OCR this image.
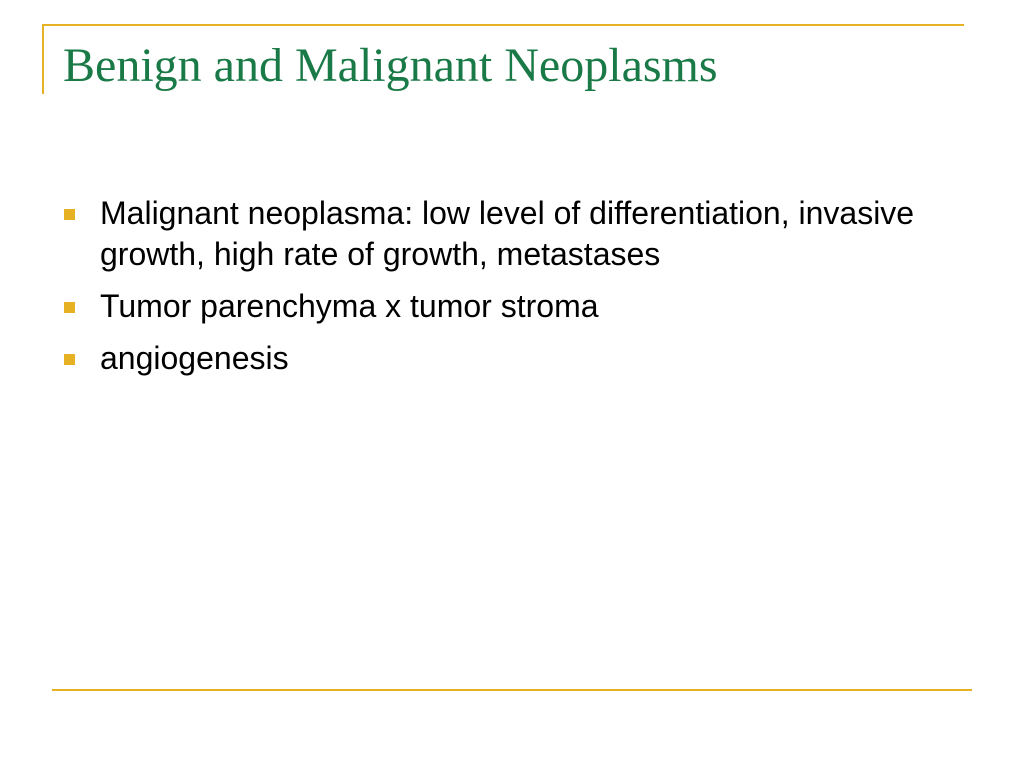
Benign and Malignant Neoplasms
Malignant neoplasma: low level of differentiation, invasive growth, high rate of growth, metastases
Tumor parenchyma x tumor stroma
angiogenesis
